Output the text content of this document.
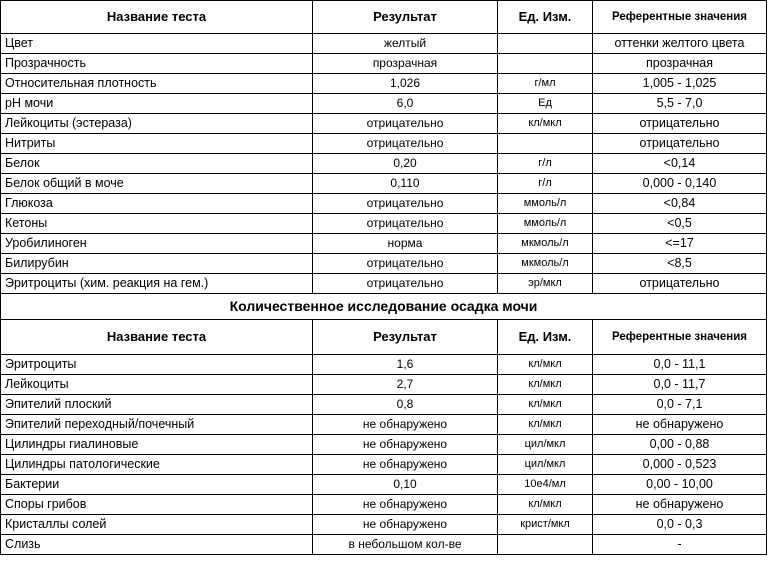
Название теста	Результат	Ед. Изм.	Референтные значения
Цвет	желтый		оттенки желтого цвета
Прозрачность	прозрачная		прозрачная
Относительная плотность	1,026	г/мл	1,005 - 1,025
pH мочи	6,0	Ед	5,5 - 7,0
Лейкоциты (эстераза)	отрицательно	кл/мкл	отрицательно
Нитриты	отрицательно		отрицательно
Белок	0,20	г/л	<0,14
Белок общий в моче	0,110	г/л	0,000 - 0,140
Глюкоза	отрицательно	ммоль/л	<0,84
Кетоны	отрицательно	ммоль/л	<0,5
Уробилиноген	норма	мкмоль/л	<=17
Билирубин	отрицательно	мкмоль/л	<8,5
Эритроциты (хим. реакция на гем.)	отрицательно	эр/мкл	отрицательно
Количественное исследование осадка мочи			
Название теста	Результат	Ед. Изм.	Референтные значения
Эритроциты	1,6	кл/мкл	0,0 - 11,1
Лейкоциты	2,7	кл/мкл	0,0 - 11,7
Эпителий плоский	0,8	кл/мкл	0,0 - 7,1
Эпителий переходный/почечный	не обнаружено	кл/мкл	не обнаружено
Цилиндры гиалиновые	не обнаружено	цил/мкл	0,00 - 0,88
Цилиндры патологические	не обнаружено	цил/мкл	0,000 - 0,523
Бактерии	0,10	10e4/мл	0,00 - 10,00
Споры грибов	не обнаружено	кл/мкл	не обнаружено
Кристаллы солей	не обнаружено	крист/мкл	0,0 - 0,3
Слизь	в небольшом кол-ве		-
